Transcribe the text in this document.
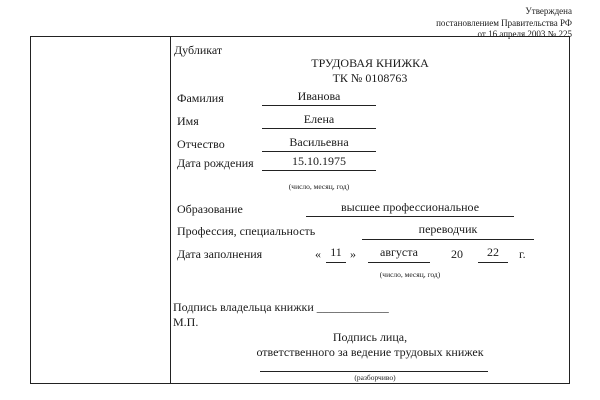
Утверждена
постановлением Правительства РФ
от 16 апреля 2003 № 225
Дубликат
ТРУДОВАЯ КНИЖКА
ТК № 0108763
Фамилия	Иванова
Имя	Елена
Отчество	Васильевна
Дата рождения	15.10.1975
(число, месяц, год)
Образование	высшее профессиональное
Профессия, специальность	переводчик
Дата заполнения	« 11 »	августа	20	22	г.
(число, месяц, год)
Подпись владельца книжки ____________
М.П.
Подпись лица,
ответственного за ведение трудовых книжек
(разборчиво)
